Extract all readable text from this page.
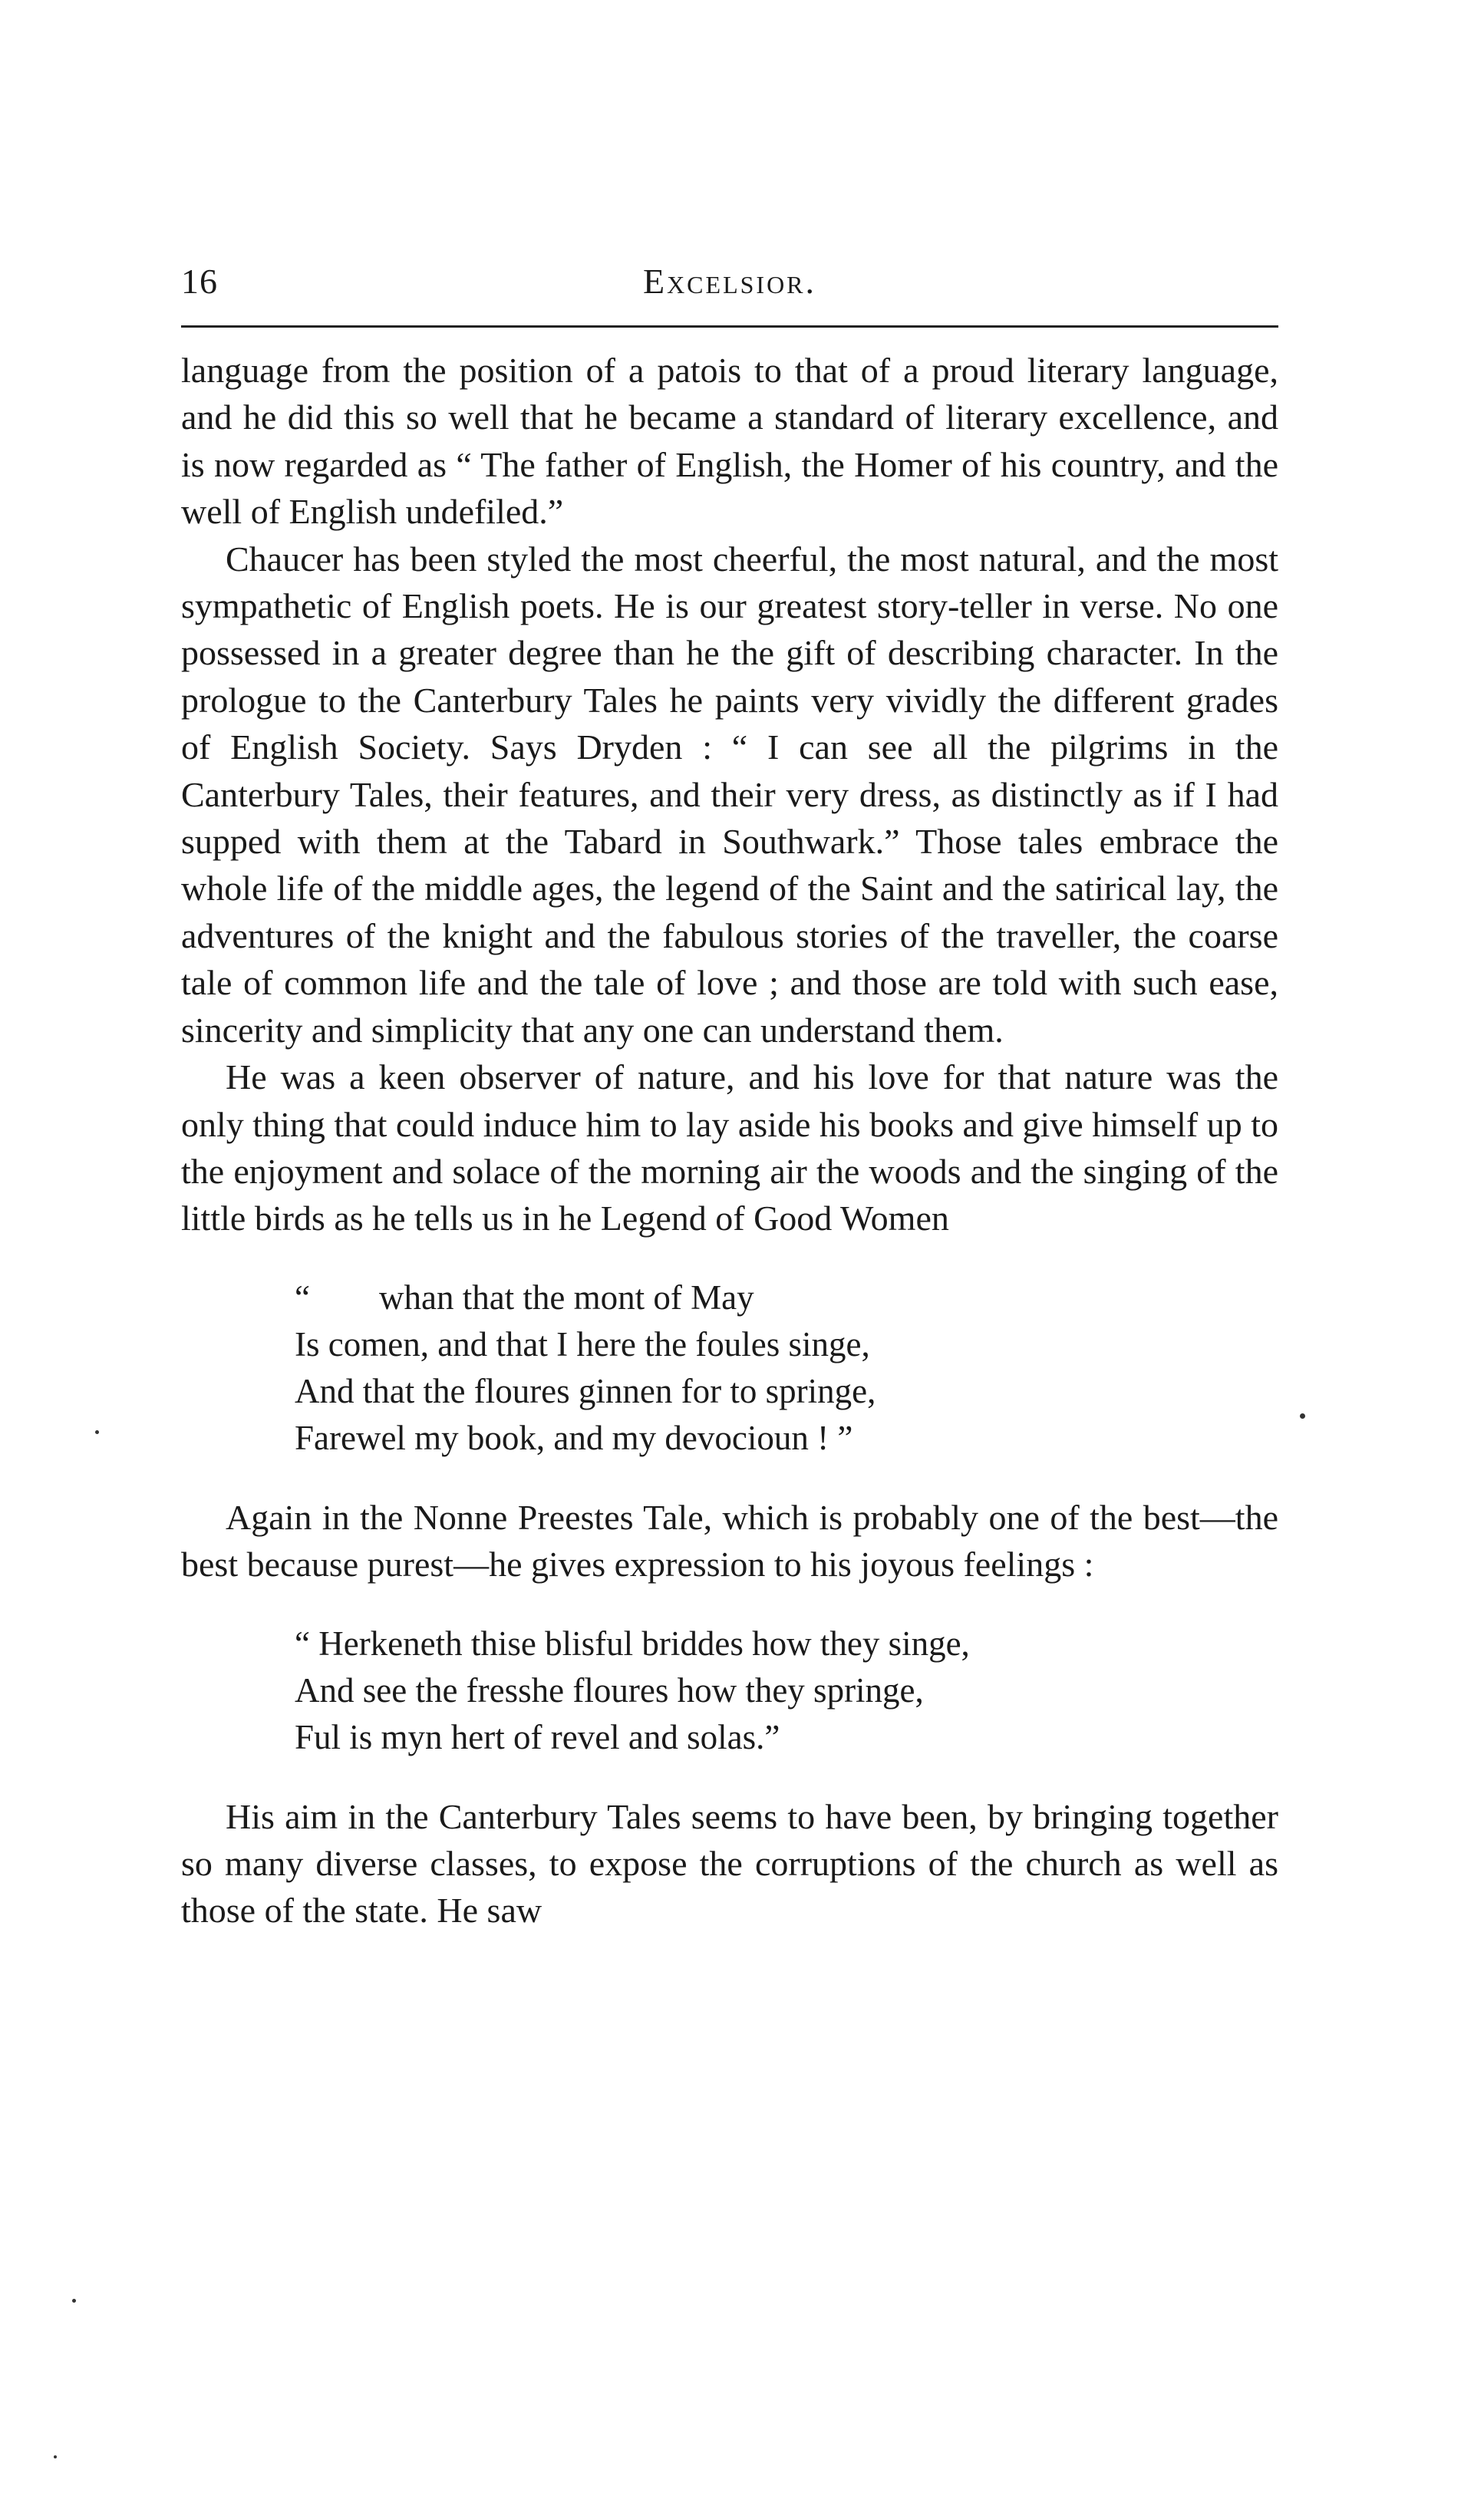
16	Excelsior.

language from the position of a patois to that of a proud literary language, and he did this so well that he became a standard of literary excellence, and is now regarded as “ The father of English, the Homer of his country, and the well of English undefiled.”

Chaucer has been styled the most cheerful, the most natural, and the most sympathetic of English poets. He is our greatest story-teller in verse. No one possessed in a greater degree than he the gift of describing character. In the prologue to the Canterbury Tales he paints very vividly the different grades of English Society. Says Dryden : “ I can see all the pilgrims in the Canterbury Tales, their features, and their very dress, as distinctly as if I had supped with them at the Tabard in Southwark.” Those tales embrace the whole life of the middle ages, the legend of the Saint and the satirical lay, the adventures of the knight and the fabulous stories of the traveller, the coarse tale of common life and the tale of love ; and those are told with such ease, sincerity and simplicity that any one can understand them.

He was a keen observer of nature, and his love for that nature was the only thing that could induce him to lay aside his books and give himself up to the enjoyment and solace of the morning air the woods and the singing of the little birds as he tells us in he Legend of Good Women

“        whan that the mont of May
Is comen, and that I here the foules singe,
And that the floures ginnen for to springe,
Farewel my book, and my devocioun ! ”

Again in the Nonne Preestes Tale, which is probably one of the best—the best because purest—he gives expression to his joyous feelings :

“ Herkeneth thise blisful briddes how they singe,
And see the fresshe floures how they springe,
Ful is myn hert of revel and solas.”

His aim in the Canterbury Tales seems to have been, by bringing together so many diverse classes, to expose the corruptions of the church as well as those of the state. He saw
